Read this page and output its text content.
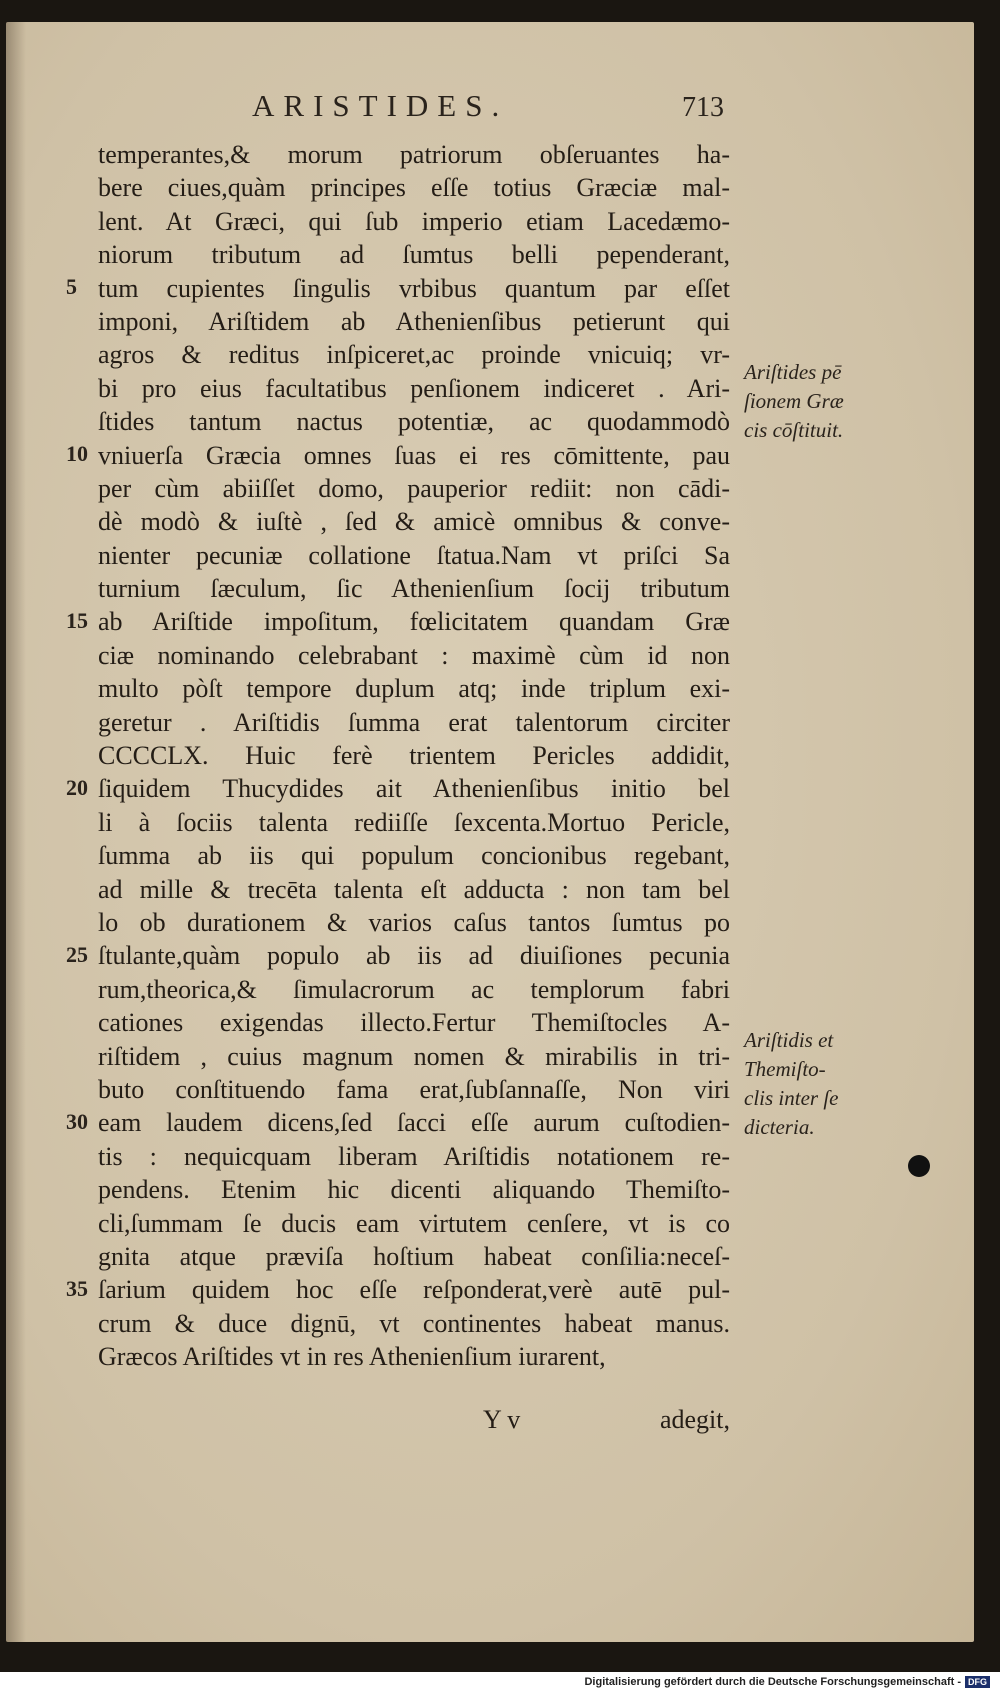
ARISTIDES.	713
temperantes,& morum patriorum obſeruantes ha-
bere ciues,quàm principes eſſe totius Græciæ mal-
lent. At Græci, qui ſub imperio etiam Lacedæmo-
niorum tributum ad ſumtus belli pependerant,
tum cupientes ſingulis vrbibus quantum par eſſet
imponi, Ariſtidem ab Athenienſibus petierunt qui
agros & reditus inſpiceret,ac proinde vnicuiq; vr-
bi pro eius facultatibus penſionem indiceret . Ari-
ſtides tantum nactus potentiæ, ac quodammodò
vniuerſa Græcia omnes ſuas ei res cōmittente, pau
per cùm abiiſſet domo, pauperior rediit: non cādi-
dè modò & iuſtè , ſed & amicè omnibus & conve-
nienter pecuniæ collatione ſtatua.Nam vt priſci Sa
turnium ſæculum, ſic Athenienſium ſocij tributum
ab Ariſtide impoſitum, fœlicitatem quandam Græ
ciæ nominando celebrabant : maximè cùm id non
multo pòſt tempore duplum atq; inde triplum exi-
geretur . Ariſtidis ſumma erat talentorum circiter
CCCCLX. Huic ferè trientem Pericles addidit,
ſiquidem Thucydides ait Athenienſibus initio bel
li à ſociis talenta rediiſſe ſexcenta.Mortuo Pericle,
ſumma ab iis qui populum concionibus regebant,
ad mille & trecēta talenta eſt adducta : non tam bel
lo ob durationem & varios caſus tantos ſumtus po
ſtulante,quàm populo ab iis ad diuiſiones pecunia
rum,theorica,& ſimulacrorum ac templorum fabri
cationes exigendas illecto.Fertur Themiſtocles A-
riſtidem , cuius magnum nomen & mirabilis in tri-
buto conſtituendo fama erat,ſubſannaſſe, Non viri
eam laudem dicens,ſed ſacci eſſe aurum cuſtodien-
tis : nequicquam liberam Ariſtidis notationem re-
pendens. Etenim hic dicenti aliquando Themiſto-
cli,ſummam ſe ducis eam virtutem cenſere, vt is co
gnita atque præviſa hoſtium habeat conſilia:neceſ-
ſarium quidem hoc eſſe reſponderat,verè autē pul-
crum & duce dignū, vt continentes habeat manus.
Græcos Ariſtides vt in res Athenienſium iurarent,
5
10
15
20
25
30
35
Ariſtides pē
ſionem Græ
cis cōſtituit.
Ariſtidis et
Themiſto-
clis inter ſe
dicteria.
Y v	adegit,
Digitalisierung gefördert durch die Deutsche Forschungsgemeinschaft - DFG
